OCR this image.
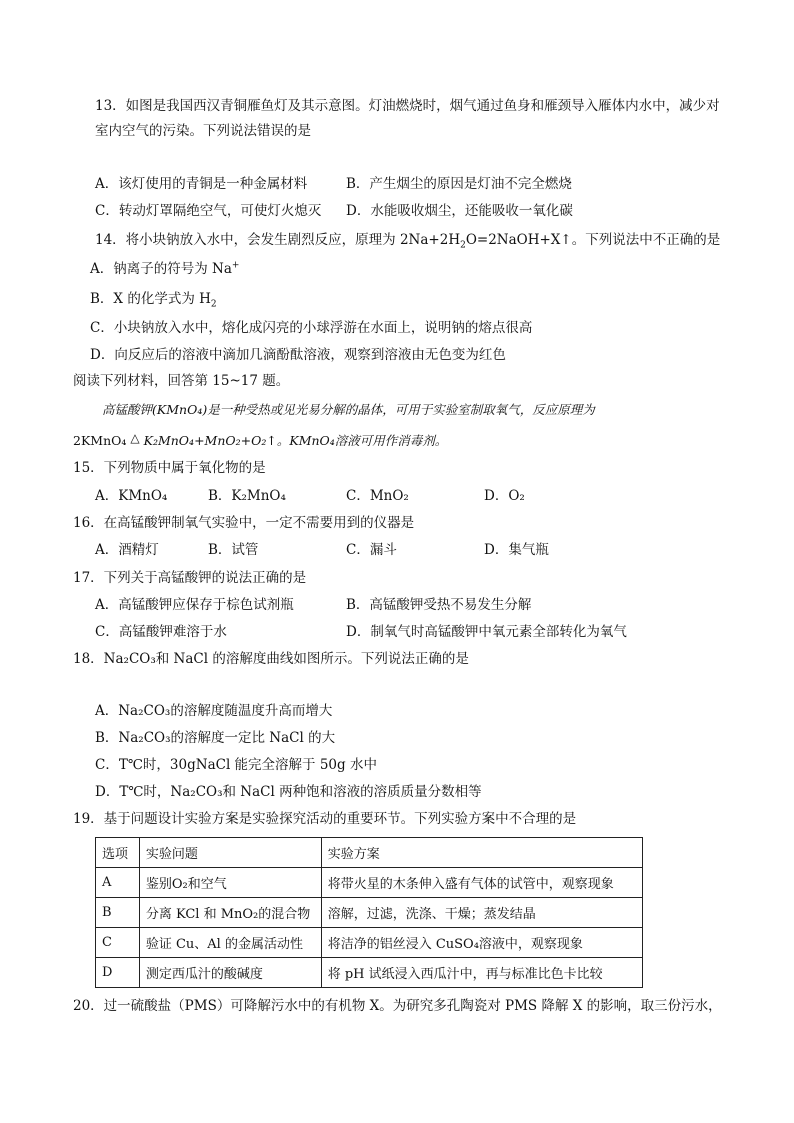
13．如图是我国西汉青铜雁鱼灯及其示意图。灯油燃烧时，烟气通过鱼身和雁颈导入雁体内水中，减少对
室内空气的污染。下列说法错误的是
A．该灯使用的青铜是一种金属材料	B．产生烟尘的原因是灯油不完全燃烧
C．转动灯罩隔绝空气，可使灯火熄灭 D．水能吸收烟尘，还能吸收一氧化碳
14．将小块钠放入水中，会发生剧烈反应，原理为 $2Na+2H_2O=2NaOH+X↑$。下列说法中不正确的是
A．钠离子的符号为 Na+
B．X 的化学式为 $H_2$
C．小块钠放入水中，熔化成闪亮的小球浮游在水面上，说明钠的熔点很高
D．向反应后的溶液中滴加几滴酚酞溶液，观察到溶液由无色变为红色
阅读下列材料，回答第 15~17 题。
高锰酸钾(KMnO₄)是一种受热或见光易分解的晶体，可用于实验室制取氧气，反应原理为
2KMnO₄ △ K₂MnO₄+MnO₂+O₂↑。KMnO₄溶液可用作消毒剂。
15．下列物质中属于氧化物的是
A．KMnO₄	B．K₂MnO₄	C．MnO₂	D．O₂
16．在高锰酸钾制氧气实验中，一定不需要用到的仪器是
A．酒精灯	B．试管	C．漏斗	D．集气瓶
17．下列关于高锰酸钾的说法正确的是
A．高锰酸钾应保存于棕色试剂瓶	B．高锰酸钾受热不易发生分解
C．高锰酸钾难溶于水	D．制氧气时高锰酸钾中氧元素全部转化为氧气
18．Na₂CO₃和 NaCl 的溶解度曲线如图所示。下列说法正确的是
A．Na₂CO₃的溶解度随温度升高而增大
B．Na₂CO₃的溶解度一定比 NaCl 的大
C．T℃时，30gNaCl 能完全溶解于 50g 水中
D．T℃时，Na₂CO₃和 NaCl 两种饱和溶液的溶质质量分数相等
19．基于问题设计实验方案是实验探究活动的重要环节。下列实验方案中不合理的是
选项	实验问题	实验方案
A	鉴别O₂和空气	将带火星的木条伸入盛有气体的试管中，观察现象
B	分离 KCl 和 MnO₂的混合物	溶解，过滤，洗涤、干燥；蒸发结晶
C	验证 Cu、Al 的金属活动性	将洁净的铝丝浸入 CuSO₄溶液中，观察现象
D	测定西瓜汁的酸碱度	将 pH 试纸浸入西瓜汁中，再与标准比色卡比较
20．过一硫酸盐（PMS）可降解污水中的有机物 X。为研究多孔陶瓷对 PMS 降解 X 的影响，取三份污水，
